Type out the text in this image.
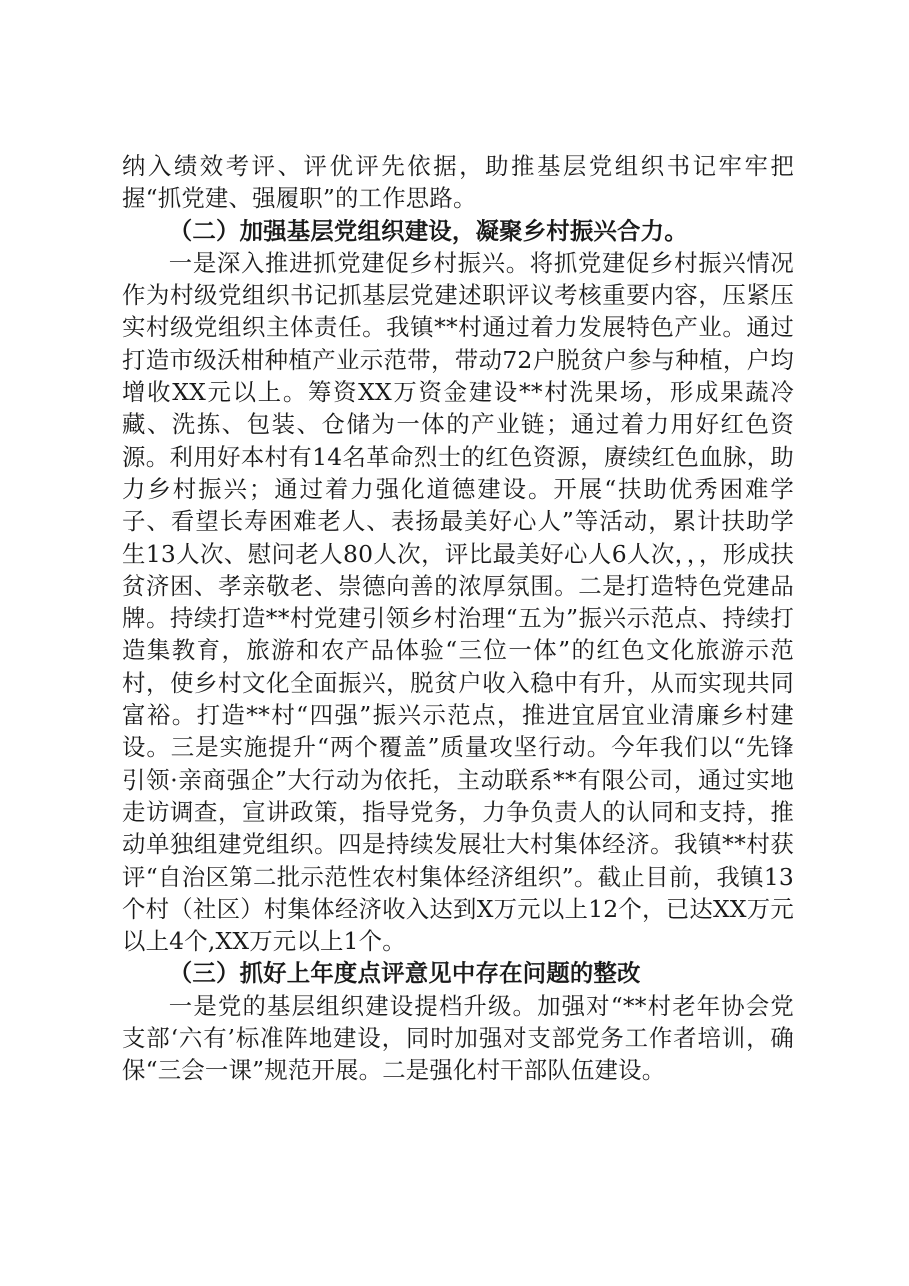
纳入绩效考评、评优评先依据，助推基层党组织书记牢牢把握“抓党建、强履职”的工作思路。

（二）加强基层党组织建设，凝聚乡村振兴合力。

一是深入推进抓党建促乡村振兴。将抓党建促乡村振兴情况作为村级党组织书记抓基层党建述职评议考核重要内容，压紧压实村级党组织主体责任。我镇**村通过着力发展特色产业。通过打造市级沃柑种植产业示范带，带动72户脱贫户参与种植，户均增收XX元以上。筹资XX万资金建设**村洗果场，形成果蔬冷藏、洗拣、包装、仓储为一体的产业链；通过着力用好红色资源。利用好本村有14名革命烈士的红色资源，赓续红色血脉，助力乡村振兴；通过着力强化道德建设。开展“扶助优秀困难学子、看望长寿困难老人、表扬最美好心人”等活动，累计扶助学生13人次、慰问老人80人次，评比最美好心人6人次，，，形成扶贫济困、孝亲敬老、崇德向善的浓厚氛围。二是打造特色党建品牌。持续打造**村党建引领乡村治理“五为”振兴示范点、持续打造集教育，旅游和农产品体验“三位一体”的红色文化旅游示范村，使乡村文化全面振兴，脱贫户收入稳中有升，从而实现共同富裕。打造**村“四强”振兴示范点，推进宜居宜业清廉乡村建设。三是实施提升“两个覆盖”质量攻坚行动。今年我们以“先锋引领·亲商强企”大行动为依托，主动联系**有限公司，通过实地走访调查，宣讲政策，指导党务，力争负责人的认同和支持，推动单独组建党组织。四是持续发展壮大村集体经济。我镇**村获评“自治区第二批示范性农村集体经济组织”。截止目前，我镇13个村（社区）村集体经济收入达到X万元以上12个，已达XX万元以上4个,XX万元以上1个。

（三）抓好上年度点评意见中存在问题的整改

一是党的基层组织建设提档升级。加强对“**村老年协会党支部‘六有’标准阵地建设，同时加强对支部党务工作者培训，确保“三会一课”规范开展。二是强化村干部队伍建设。
